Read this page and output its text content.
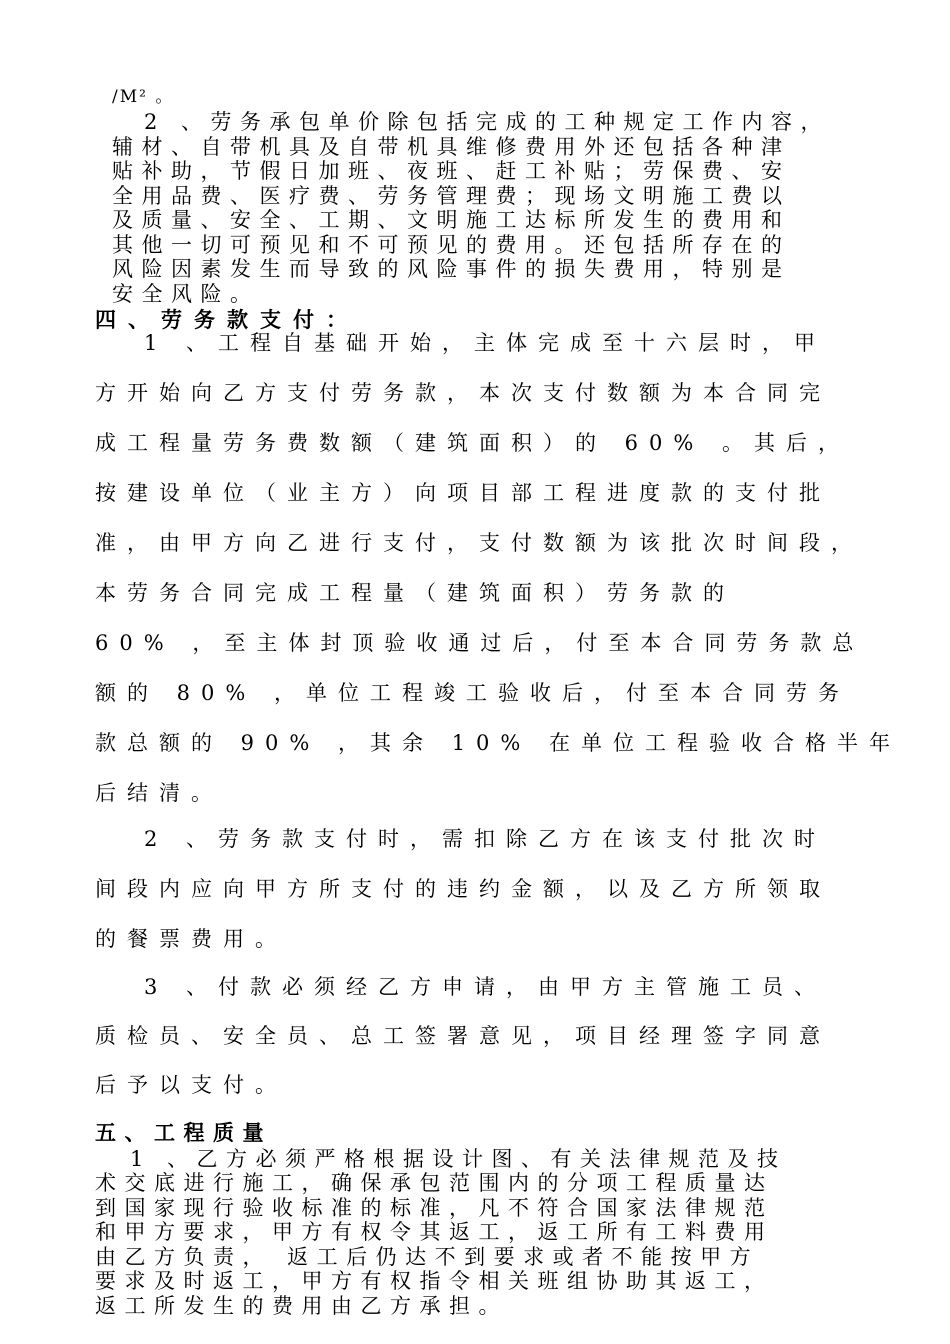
/M² 。
2 、劳务承包单价除包括完成的工种规定工作内容，
辅材、自带机具及自带机具维修费用外还包括各种津
贴补助，节假日加班、夜班、赶工补贴；劳保费、安
全用品费、医疗费、劳务管理费；现场文明施工费以
及质量、安全、工期、文明施工达标所发生的费用和
其他一切可预见和不可预见的费用。还包括所存在的
风险因素发生而导致的风险事件的损失费用，特别是
安全风险。
四、劳务款支付：
1 、工程自基础开始，主体完成至十六层时，甲
方开始向乙方支付劳务款，本次支付数额为本合同完
成工程量劳务费数额（建筑面积）的 60% 。其后，
按建设单位（业主方）向项目部工程进度款的支付批
准，由甲方向乙进行支付，支付数额为该批次时间段，
本劳务合同完成工程量（建筑面积）劳务款的
60% ，至主体封顶验收通过后，付至本合同劳务款总
额的 80% ，单位工程竣工验收后，付至本合同劳务
款总额的 90% ，其余 10% 在单位工程验收合格半年
后结清。
2 、劳务款支付时，需扣除乙方在该支付批次时
间段内应向甲方所支付的违约金额，以及乙方所领取
的餐票费用。
3 、付款必须经乙方申请，由甲方主管施工员、
质检员、安全员、总工签署意见，项目经理签字同意
后予以支付。
五、工程质量
1 、乙方必须严格根据设计图、有关法律规范及技
术交底进行施工，确保承包范围内的分项工程质量达
到国家现行验收标准的标准，凡不符合国家法律规范
和甲方要求，甲方有权令其返工，返工所有工料费用
由乙方负责， 返工后仍达不到要求或者不能按甲方
要求及时返工，甲方有权指令相关班组协助其返工，
返工所发生的费用由乙方承担。
